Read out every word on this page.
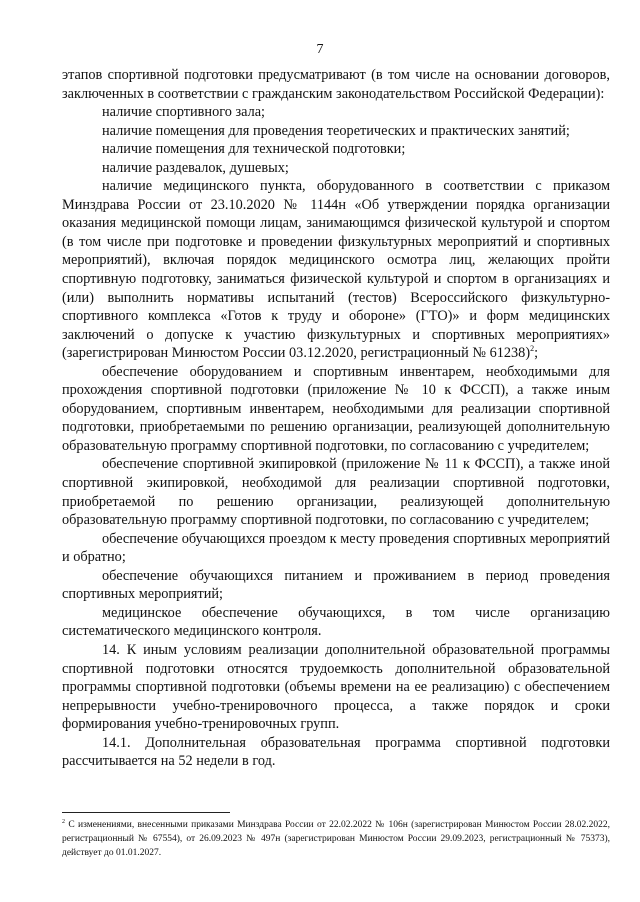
7

этапов спортивной подготовки предусматривают (в том числе на основании договоров, заключенных в соответствии с гражданским законодательством Российской Федерации):

наличие спортивного зала;

наличие помещения для проведения теоретических и практических занятий;

наличие помещения для технической подготовки;

наличие раздевалок, душевых;

наличие медицинского пункта, оборудованного в соответствии с приказом Минздрава России от 23.10.2020 № 1144н «Об утверждении порядка организации оказания медицинской помощи лицам, занимающимся физической культурой и спортом (в том числе при подготовке и проведении физкультурных мероприятий и спортивных мероприятий), включая порядок медицинского осмотра лиц, желающих пройти спортивную подготовку, заниматься физической культурой и спортом в организациях и (или) выполнить нормативы испытаний (тестов) Всероссийского физкультурно-спортивного комплекса «Готов к труду и обороне» (ГТО)» и форм медицинских заключений о допуске к участию физкультурных и спортивных мероприятиях» (зарегистрирован Минюстом России 03.12.2020, регистрационный № 61238)$^2$;

обеспечение оборудованием и спортивным инвентарем, необходимыми для прохождения спортивной подготовки (приложение № 10 к ФССП), а также иным оборудованием, спортивным инвентарем, необходимыми для реализации спортивной подготовки, приобретаемыми по решению организации, реализующей дополнительную образовательную программу спортивной подготовки, по согласованию с учредителем;

обеспечение спортивной экипировкой (приложение № 11 к ФССП), а также иной спортивной экипировкой, необходимой для реализации спортивной подготовки, приобретаемой по решению организации, реализующей дополнительную образовательную программу спортивной подготовки, по согласованию с учредителем;

обеспечение обучающихся проездом к месту проведения спортивных мероприятий и обратно;

обеспечение обучающихся питанием и проживанием в период проведения спортивных мероприятий;

медицинское обеспечение обучающихся, в том числе организацию систематического медицинского контроля.

14. К иным условиям реализации дополнительной образовательной программы спортивной подготовки относятся трудоемкость дополнительной образовательной программы спортивной подготовки (объемы времени на ее реализацию) с обеспечением непрерывности учебно-тренировочного процесса, а также порядок и сроки формирования учебно-тренировочных групп.

14.1. Дополнительная образовательная программа спортивной подготовки рассчитывается на 52 недели в год.

$^2$ С изменениями, внесенными приказами Минздрава России от 22.02.2022 № 106н (зарегистрирован Минюстом России 28.02.2022, регистрационный № 67554), от 26.09.2023 № 497н (зарегистрирован Минюстом России 29.09.2023, регистрационный № 75373), действует до 01.01.2027.
